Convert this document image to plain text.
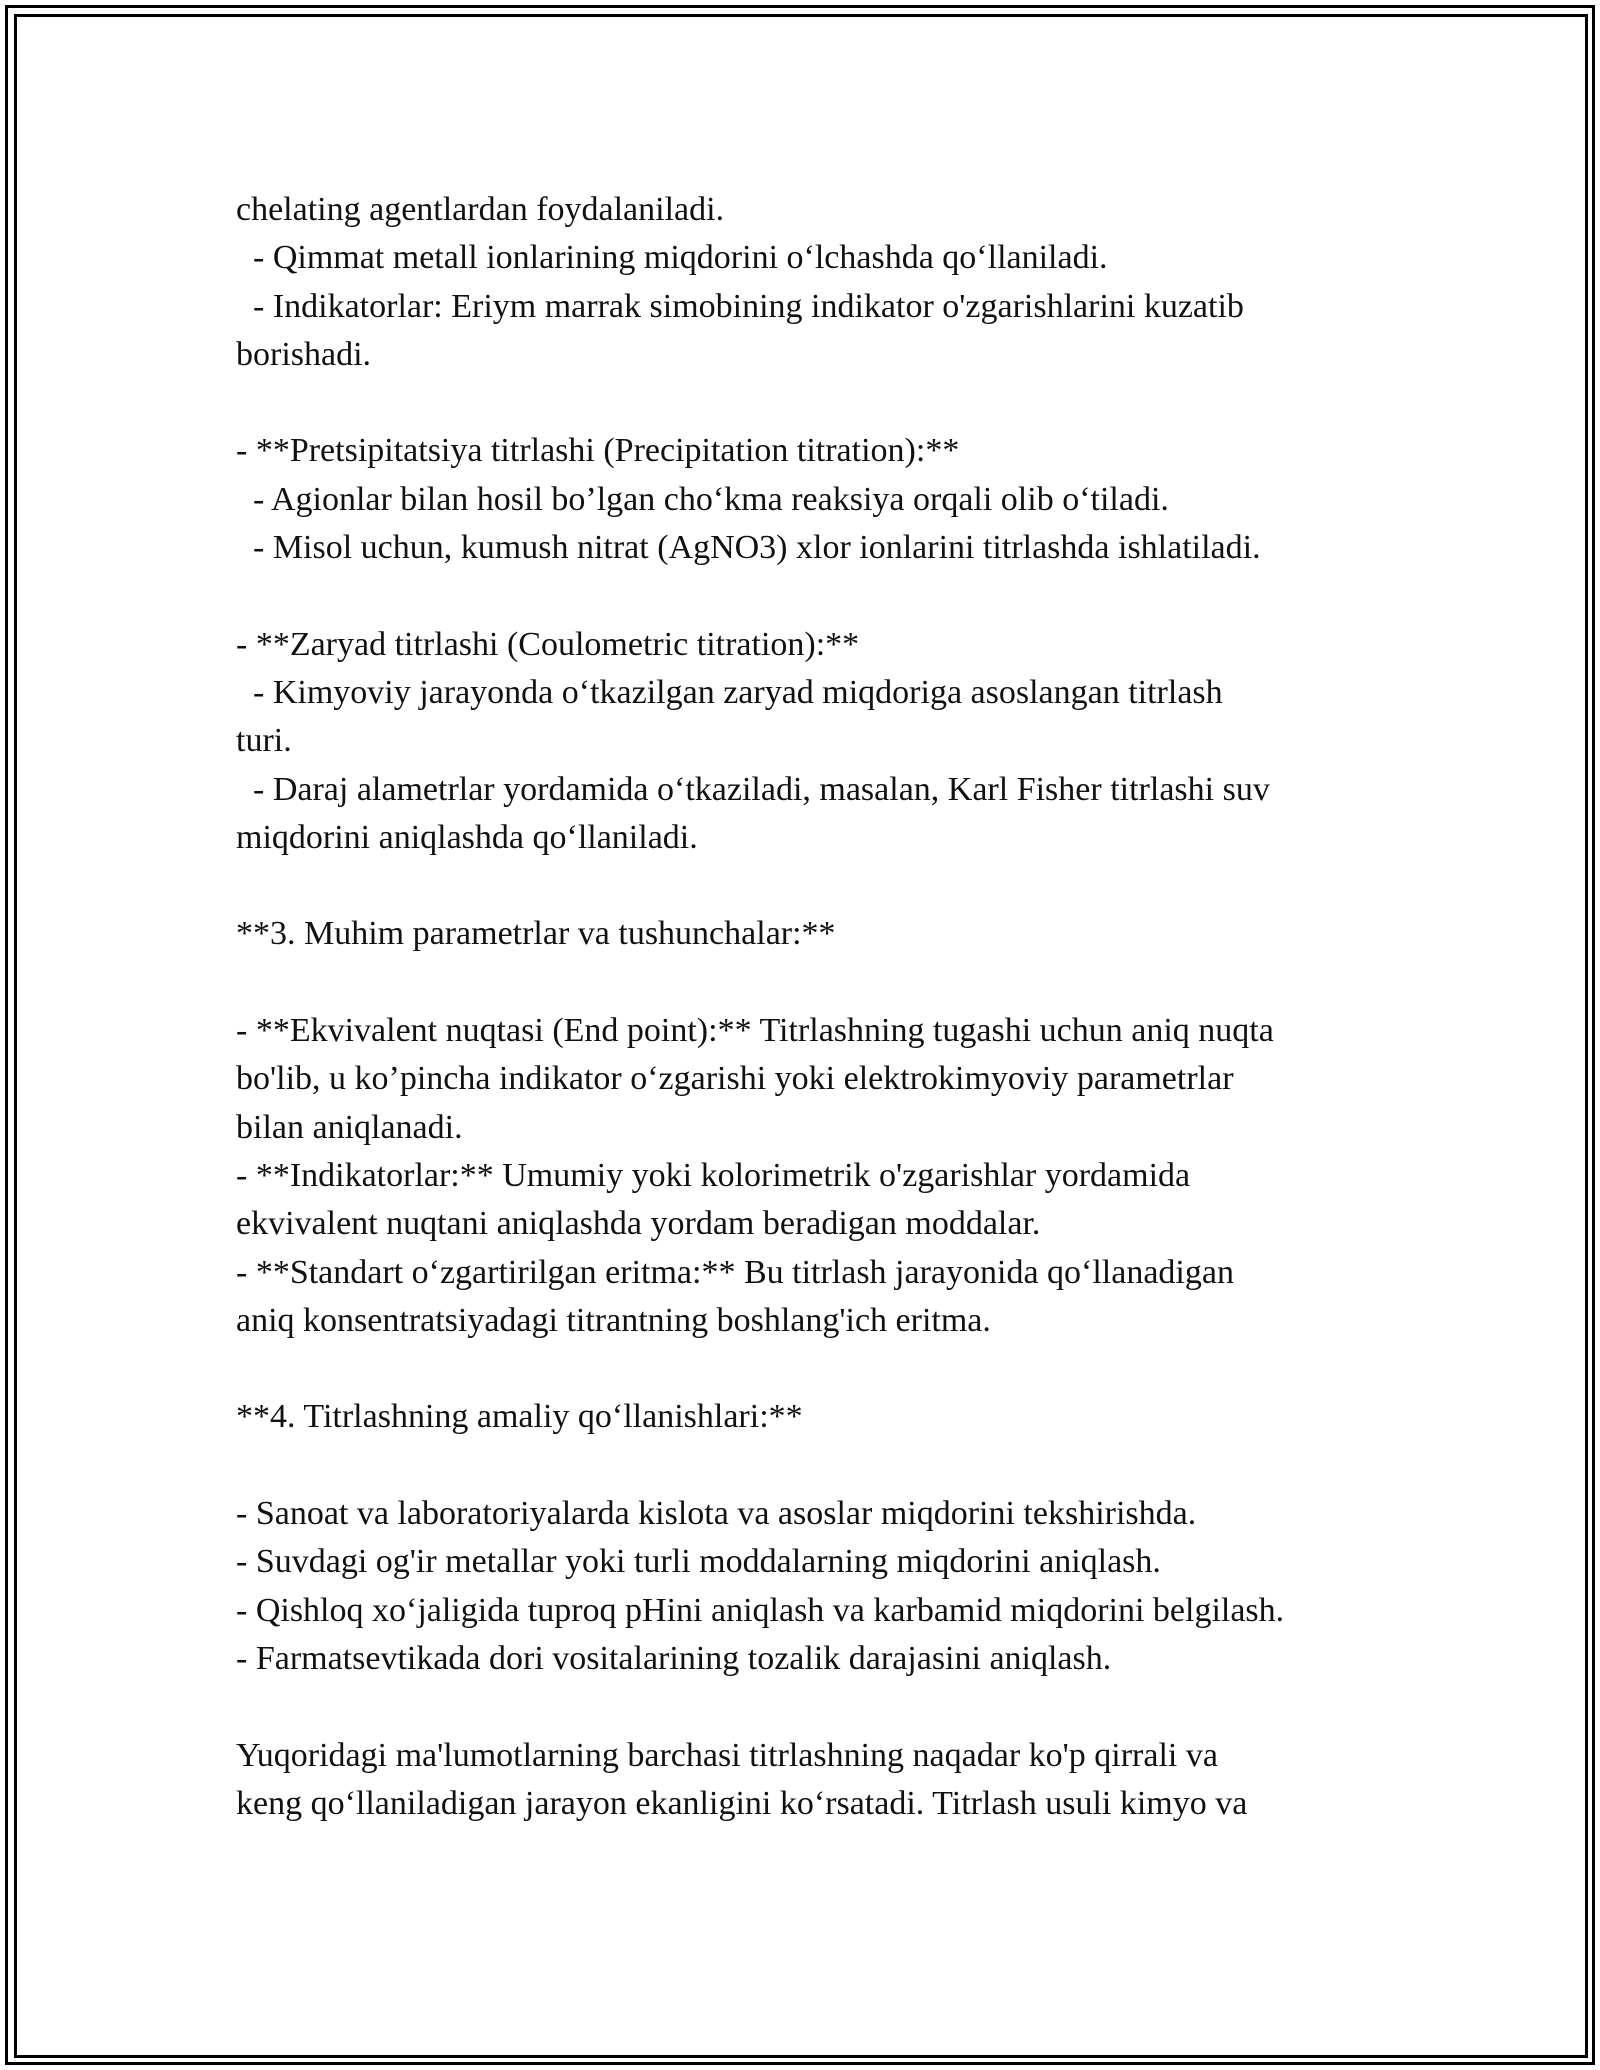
chelating agentlardan foydalaniladi.
- Qimmat metall ionlarining miqdorini o‘lchashda qo‘llaniladi.
- Indikatorlar: Eriym marrak simobining indikator o'zgarishlarini kuzatib
borishadi.
- **Pretsipitatsiya titrlashi (Precipitation titration):**
- Agionlar bilan hosil bo’lgan cho‘kma reaksiya orqali olib o‘tiladi.
- Misol uchun, kumush nitrat (AgNO3) xlor ionlarini titrlashda ishlatiladi.
- **Zaryad titrlashi (Coulometric titration):**
- Kimyoviy jarayonda o‘tkazilgan zaryad miqdoriga asoslangan titrlash
turi.
- Daraj alametrlar yordamida o‘tkaziladi, masalan, Karl Fisher titrlashi suv
miqdorini aniqlashda qo‘llaniladi.
**3. Muhim parametrlar va tushunchalar:**
- **Ekvivalent nuqtasi (End point):** Titrlashning tugashi uchun aniq nuqta
bo'lib, u ko’pincha indikator o‘zgarishi yoki elektrokimyoviy parametrlar
bilan aniqlanadi.
- **Indikatorlar:** Umumiy yoki kolorimetrik o'zgarishlar yordamida
ekvivalent nuqtani aniqlashda yordam beradigan moddalar.
- **Standart o‘zgartirilgan eritma:** Bu titrlash jarayonida qo‘llanadigan
aniq konsentratsiyadagi titrantning boshlang'ich eritma.
**4. Titrlashning amaliy qo‘llanishlari:**
- Sanoat va laboratoriyalarda kislota va asoslar miqdorini tekshirishda.
- Suvdagi og'ir metallar yoki turli moddalarning miqdorini aniqlash.
- Qishloq xo‘jaligida tuproq pHini aniqlash va karbamid miqdorini belgilash.
- Farmatsevtikada dori vositalarining tozalik darajasini aniqlash.
Yuqoridagi ma'lumotlarning barchasi titrlashning naqadar ko'p qirrali va
keng qo‘llaniladigan jarayon ekanligini ko‘rsatadi. Titrlash usuli kimyo va
